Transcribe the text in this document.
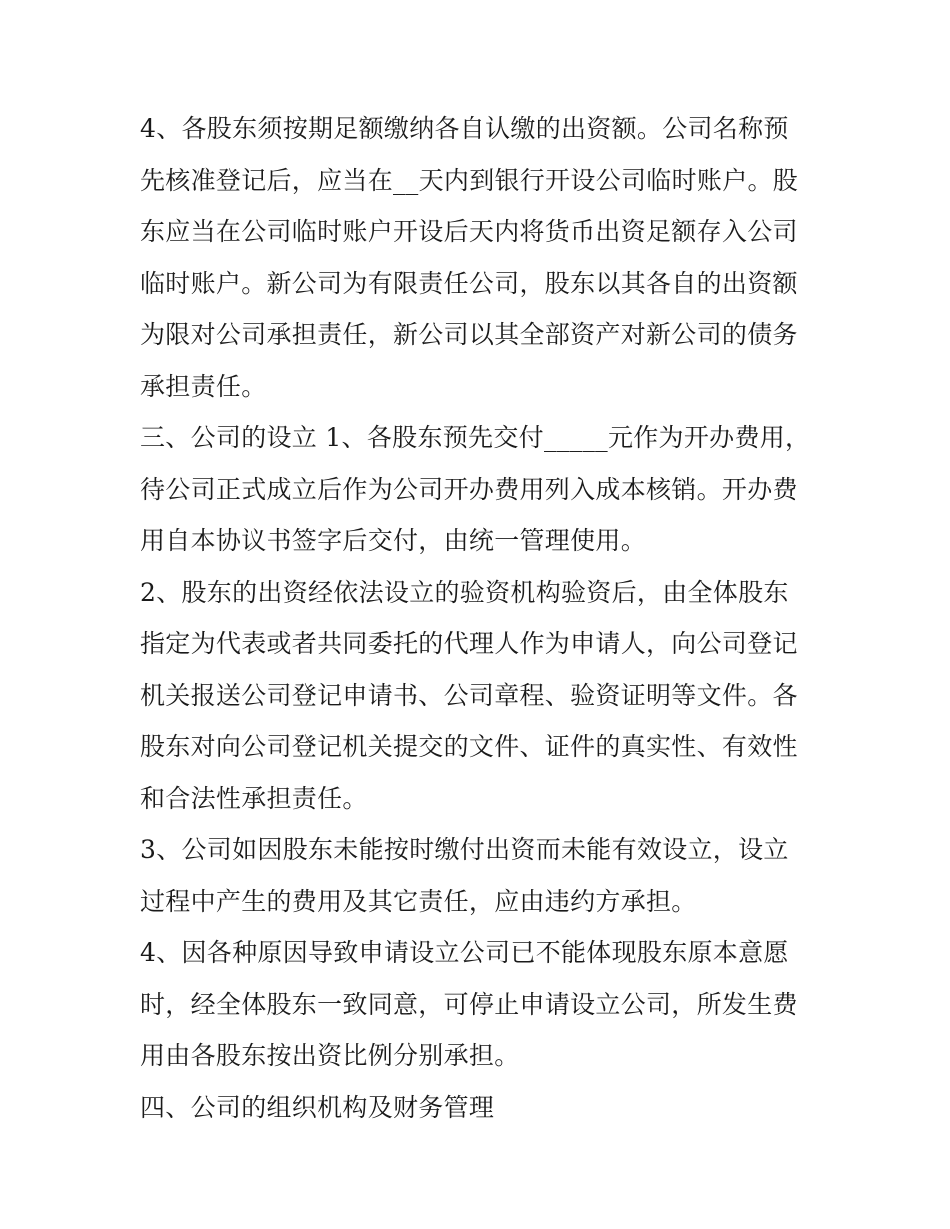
4、各股东须按期足额缴纳各自认缴的出资额。公司名称预先核准登记后，应当在__天内到银行开设公司临时账户。股东应当在公司临时账户开设后天内将货币出资足额存入公司临时账户。新公司为有限责任公司，股东以其各自的出资额为限对公司承担责任，新公司以其全部资产对新公司的债务承担责任。

三、公司的设立 1、各股东预先交付_____元作为开办费用，待公司正式成立后作为公司开办费用列入成本核销。开办费用自本协议书签字后交付，由统一管理使用。

2、股东的出资经依法设立的验资机构验资后，由全体股东指定为代表或者共同委托的代理人作为申请人，向公司登记机关报送公司登记申请书、公司章程、验资证明等文件。各股东对向公司登记机关提交的文件、证件的真实性、有效性和合法性承担责任。

3、公司如因股东未能按时缴付出资而未能有效设立，设立过程中产生的费用及其它责任，应由违约方承担。

4、因各种原因导致申请设立公司已不能体现股东原本意愿时，经全体股东一致同意，可停止申请设立公司，所发生费用由各股东按出资比例分别承担。

四、公司的组织机构及财务管理
